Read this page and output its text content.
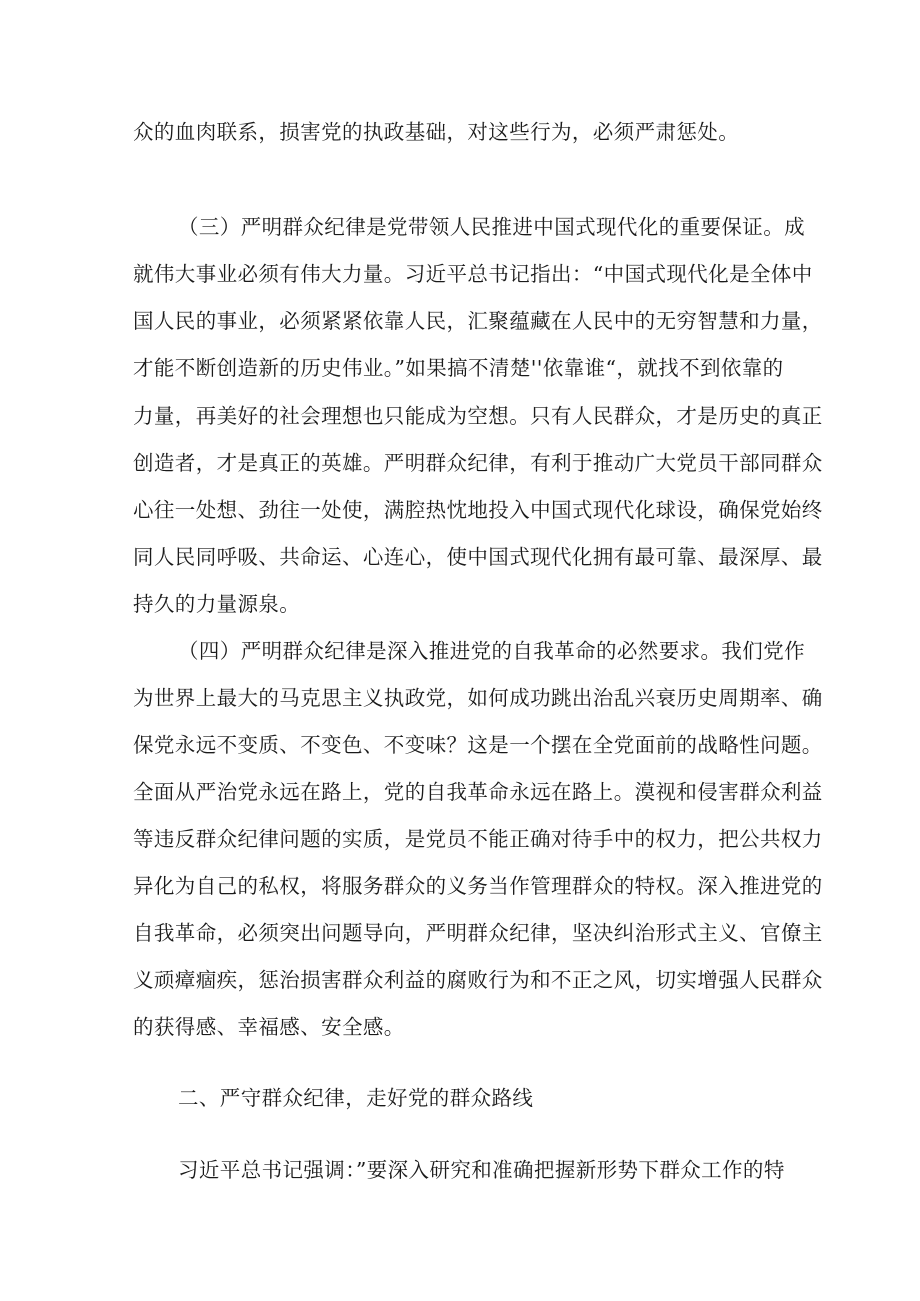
众的血肉联系，损害党的执政基础，对这些行为，必须严肃惩处。
（三）严明群众纪律是党带领人民推进中国式现代化的重要保证。成
就伟大事业必须有伟大力量。习近平总书记指出：“中国式现代化是全体中
国人民的事业，必须紧紧依靠人民，汇聚蕴藏在人民中的无穷智慧和力量，
才能不断创造新的历史伟业。”如果搞不清楚''依靠谁“，就找不到依靠的
力量，再美好的社会理想也只能成为空想。只有人民群众，才是历史的真正
创造者，才是真正的英雄。严明群众纪律，有利于推动广大党员干部同群众
心往一处想、劲往一处使，满腔热忱地投入中国式现代化球设，确保党始终
同人民同呼吸、共命运、心连心，使中国式现代化拥有最可靠、最深厚、最
持久的力量源泉。
（四）严明群众纪律是深入推进党的自我革命的必然要求。我们党作
为世界上最大的马克思主义执政党，如何成功跳出治乱兴衰历史周期率、确
保党永远不变质、不变色、不变味？这是一个摆在全党面前的战略性问题。
全面从严治党永远在路上，党的自我革命永远在路上。漠视和侵害群众利益
等违反群众纪律问题的实质，是党员不能正确对待手中的权力，把公共权力
异化为自己的私权，将服务群众的义务当作管理群众的特权。深入推进党的
自我革命，必须突出问题导向，严明群众纪律，坚决纠治形式主义、官僚主
义顽瘴痼疾，惩治损害群众利益的腐败行为和不正之风，切实增强人民群众
的获得感、幸福感、安全感。
二、严守群众纪律，走好党的群众路线
习近平总书记强调：”要深入研究和准确把握新形势下群众工作的特
